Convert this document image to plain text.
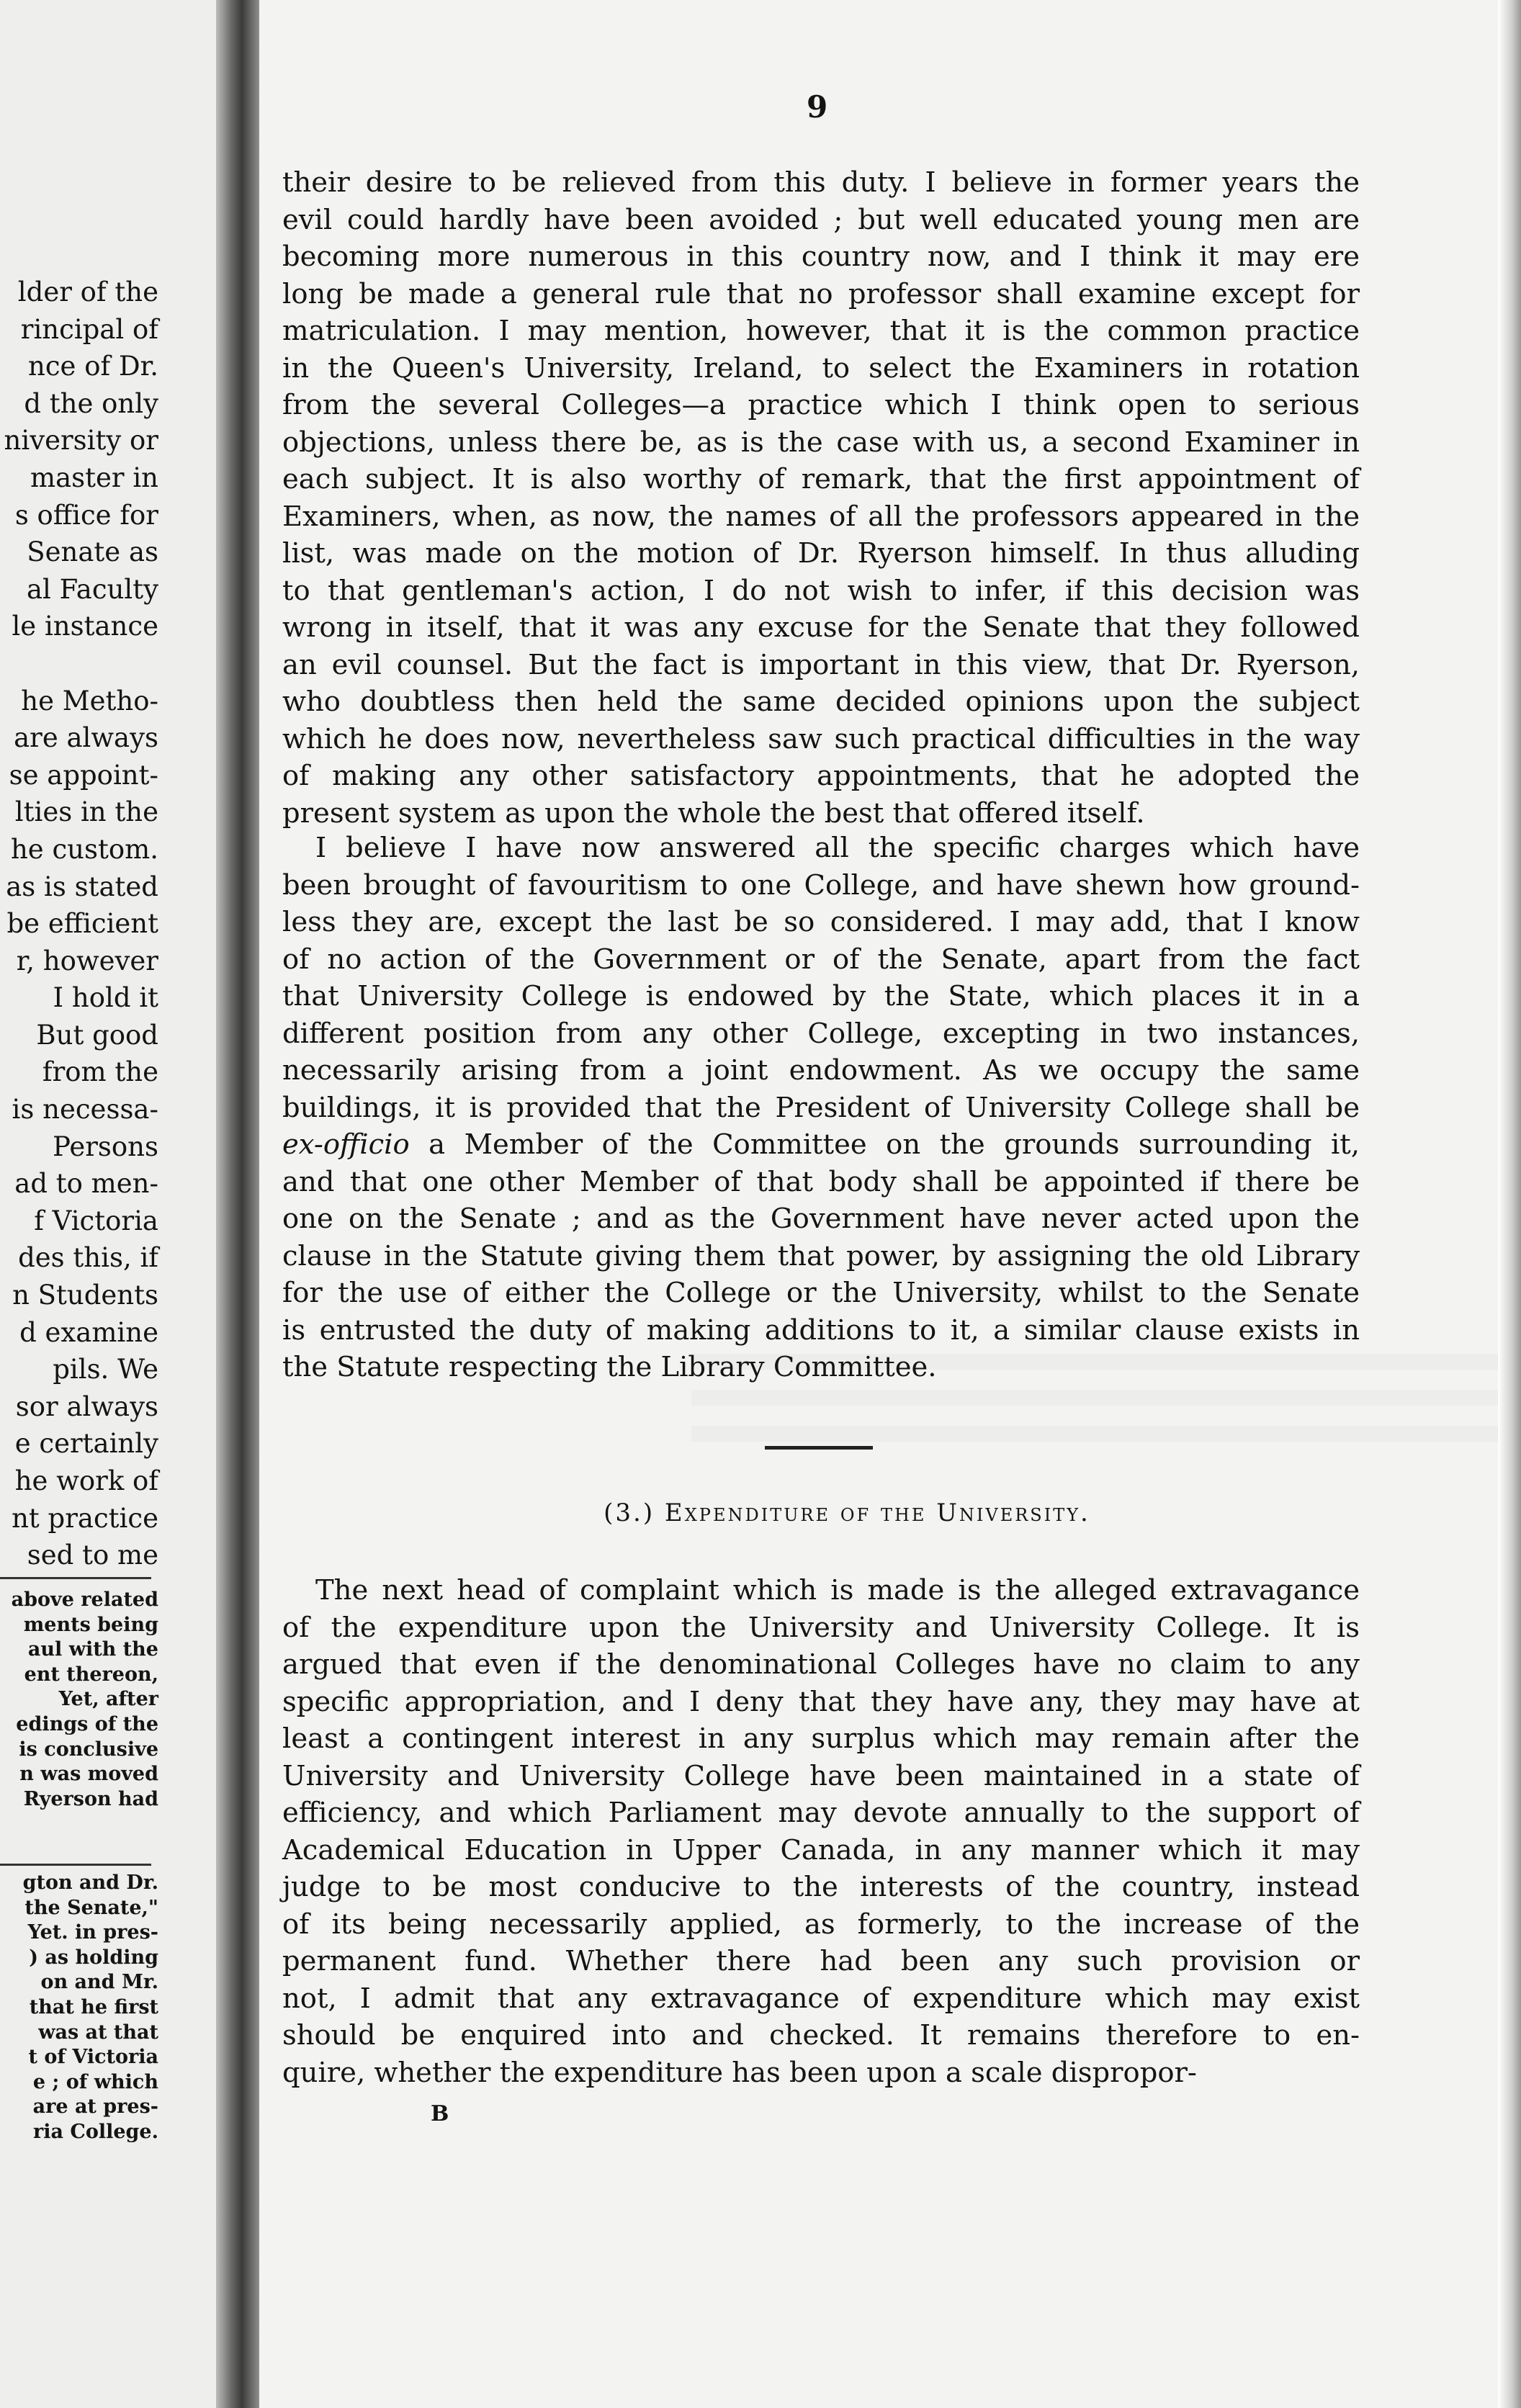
lder of the
rincipal of
nce of Dr.
d the only
niversity or
master in
s office for
Senate as
al Faculty
le instance
he Metho-
are always
se appoint-
lties in the
he custom.
as is stated
be efficient
r, however
I hold it
But good
from the
is necessa-
Persons
ad to men-
f Victoria
des this, if
n Students
d examine
pils. We
sor always
e certainly
he work of
nt practice
sed to me
above related
ments being
aul with the
ent thereon,
Yet, after
edings of the
is conclusive
n was moved
Ryerson had
gton and Dr.
the Senate,"
Yet. in pres-
) as holding
on and Mr.
that he first
was at that
t of Victoria
e ; of which
are at pres-
ria College.
9
their desire to be relieved from this duty. I believe in former years the
evil could hardly have been avoided ; but well educated young men are
becoming more numerous in this country now, and I think it may ere
long be made a general rule that no professor shall examine except for
matriculation. I may mention, however, that it is the common practice
in the Queen's University, Ireland, to select the Examiners in rotation
from the several Colleges—a practice which I think open to serious
objections, unless there be, as is the case with us, a second Examiner in
each subject. It is also worthy of remark, that the first appointment of
Examiners, when, as now, the names of all the professors appeared in the
list, was made on the motion of Dr. Ryerson himself. In thus alluding
to that gentleman's action, I do not wish to infer, if this decision was
wrong in itself, that it was any excuse for the Senate that they followed
an evil counsel. But the fact is important in this view, that Dr. Ryerson,
who doubtless then held the same decided opinions upon the subject
which he does now, nevertheless saw such practical difficulties in the way
of making any other satisfactory appointments, that he adopted the
present system as upon the whole the best that offered itself.
I believe I have now answered all the specific charges which have
been brought of favouritism to one College, and have shewn how ground-
less they are, except the last be so considered. I may add, that I know
of no action of the Government or of the Senate, apart from the fact
that University College is endowed by the State, which places it in a
different position from any other College, excepting in two instances,
necessarily arising from a joint endowment. As we occupy the same
buildings, it is provided that the President of University College shall be
ex-officio a Member of the Committee on the grounds surrounding it,
and that one other Member of that body shall be appointed if there be
one on the Senate ; and as the Government have never acted upon the
clause in the Statute giving them that power, by assigning the old Library
for the use of either the College or the University, whilst to the Senate
is entrusted the duty of making additions to it, a similar clause exists in
the Statute respecting the Library Committee.
(3.) Expenditure of the University.
The next head of complaint which is made is the alleged extravagance
of the expenditure upon the University and University College. It is
argued that even if the denominational Colleges have no claim to any
specific appropriation, and I deny that they have any, they may have at
least a contingent interest in any surplus which may remain after the
University and University College have been maintained in a state of
efficiency, and which Parliament may devote annually to the support of
Academical Education in Upper Canada, in any manner which it may
judge to be most conducive to the interests of the country, instead
of its being necessarily applied, as formerly, to the increase of the
permanent fund. Whether there had been any such provision or
not, I admit that any extravagance of expenditure which may exist
should be enquired into and checked. It remains therefore to en-
quire, whether the expenditure has been upon a scale dispropor-
B
